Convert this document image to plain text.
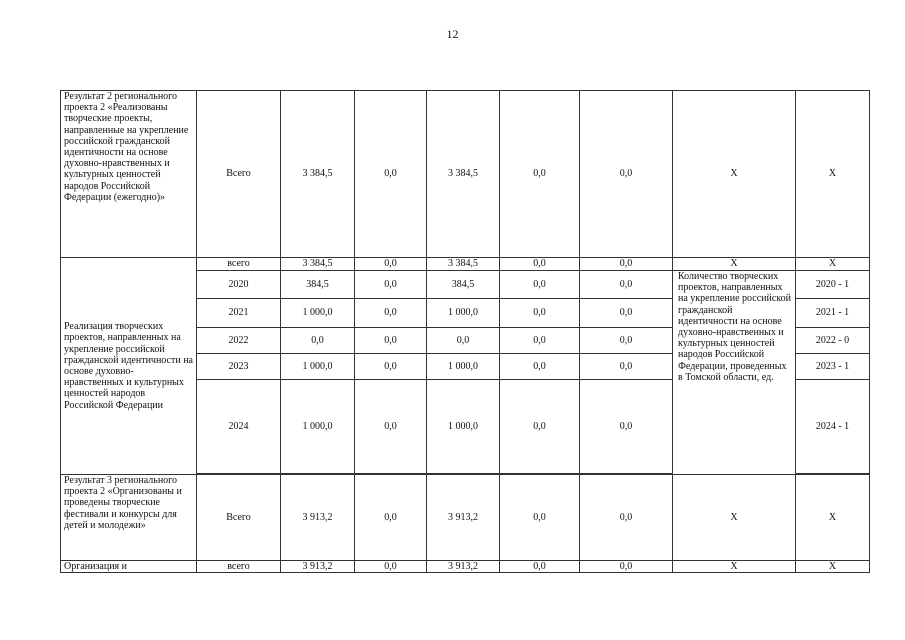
12
Результат 2 регионального проекта 2 «Реализованы творческие проекты, направленные на укрепление российской гражданской идентичности на основе духовно-нравственных и культурных ценностей народов Российской Федерации (ежегодно)»	Всего	3 384,5	0,0	3 384,5	0,0	0,0	Х	Х
Реализация творческих проектов, направленных на укрепление российской гражданской идентичности на основе духовно-нравственных и культурных ценностей народов Российской Федерации	всего	3 384,5	0,0	3 384,5	0,0	0,0	Х	Х
	2020	384,5	0,0	384,5	0,0	0,0	Количество творческих проектов, направленных на укрепление российской гражданской идентичности на основе духовно-нравственных и культурных ценностей народов Российской Федерации, проведенных в Томской области, ед.	2020 - 1
	2021	1 000,0	0,0	1 000,0	0,0	0,0		2021 - 1
	2022	0,0	0,0	0,0	0,0	0,0		2022 - 0
	2023	1 000,0	0,0	1 000,0	0,0	0,0		2023 - 1
	2024	1 000,0	0,0	1 000,0	0,0	0,0		2024 - 1

Результат 3 регионального проекта 2 «Организованы и проведены творческие фестивали и конкурсы для детей и молодежи»	Всего	3 913,2	0,0	3 913,2	0,0	0,0	Х	Х
Организация и	всего	3 913,2	0,0	3 913,2	0,0	0,0	Х	Х
